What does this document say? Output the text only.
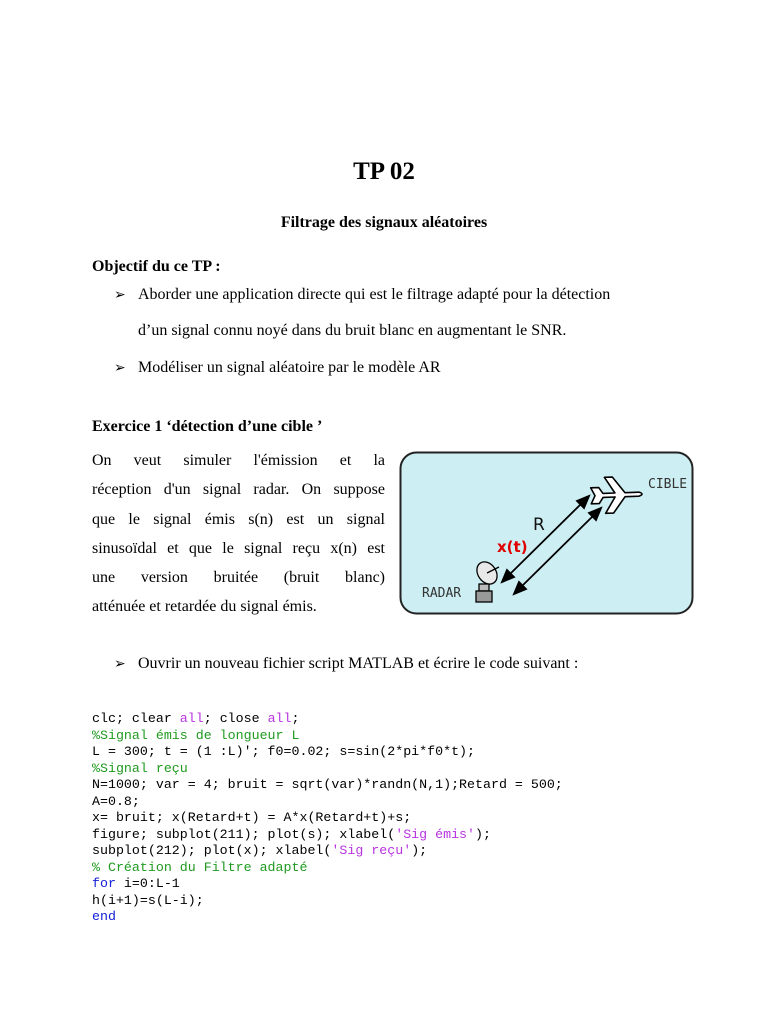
TP 02
Filtrage des signaux aléatoires
Objectif du ce TP :
➢ Aborder une application directe qui est le filtrage adapté pour la détection
d’un signal connu noyé dans du bruit blanc en augmentant le SNR.
➢ Modéliser un signal aléatoire par le modèle AR
Exercice 1 ‘détection d’une cible ’
On veut simuler l'émission et la
réception d'un signal radar. On suppose
que le signal émis s(n) est un signal
sinusoïdal et que le signal reçu x(n) est
une version bruitée (bruit blanc)
atténuée et retardée du signal émis.
CIBLE
R
x(t)
RADAR
➢ Ouvrir un nouveau fichier script MATLAB et écrire le code suivant :
clc; clear all; close all;
%Signal émis de longueur L
L = 300; t = (1 :L)'; f0=0.02; s=sin(2*pi*f0*t);
%Signal reçu
N=1000; var = 4; bruit = sqrt(var)*randn(N,1);Retard = 500;
A=0.8;
x= bruit; x(Retard+t) = A*x(Retard+t)+s;
figure; subplot(211); plot(s); xlabel('Sig émis');
subplot(212); plot(x); xlabel('Sig reçu');
% Création du Filtre adapté
for i=0:L-1
h(i+1)=s(L-i);
end
